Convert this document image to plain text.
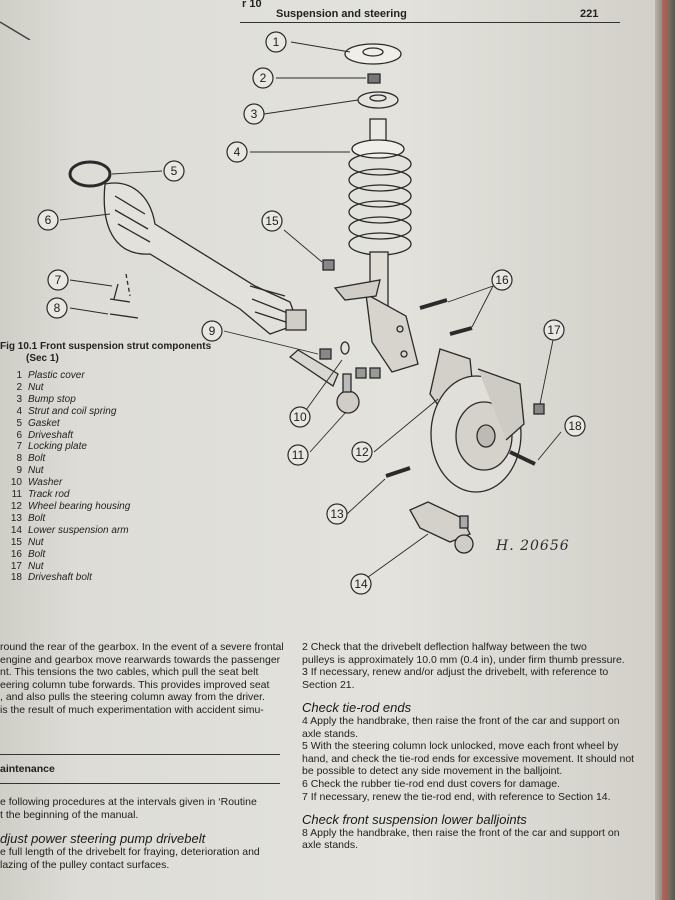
r 10
Suspension and steering	221
1
2
3
4
5
6
7
8
9
10
11	12
13
14
15
16
17
18
Fig 10.1 Front suspension strut components
(Sec 1)
1 Plastic cover
2 Nut
3 Bump stop
4 Strut and coil spring
5 Gasket
6 Driveshaft
7 Locking plate
8 Bolt
9 Nut
10 Washer
11 Track rod
12 Wheel bearing housing
13 Bolt
14 Lower suspension arm
15 Nut
16 Bolt
17 Nut
18 Driveshaft bolt
H. 20656
round the rear of the gearbox. In the event of a severe frontal
engine and gearbox move rearwards towards the passenger
nt. This tensions the two cables, which pull the seat belt
eering column tube forwards. This provides improved seat
, and also pulls the steering column away from the driver.
is the result of much experimentation with accident simu-
aintenance
e following procedures at the intervals given in ‘Routine
t the beginning of the manual.
djust power steering pump drivebelt
e full length of the drivebelt for fraying, deterioration and
lazing of the pulley contact surfaces.
2 Check that the drivebelt deflection halfway between the two
pulleys is approximately 10.0 mm (0.4 in), under firm thumb pressure.
3 If necessary, renew and/or adjust the drivebelt, with reference to
Section 21.
Check tie-rod ends
4 Apply the handbrake, then raise the front of the car and support on
axle stands.
5 With the steering column lock unlocked, move each front wheel by
hand, and check the tie-rod ends for excessive movement. It should not
be possible to detect any side movement in the balljoint.
6 Check the rubber tie-rod end dust covers for damage.
7 If necessary, renew the tie-rod end, with reference to Section 14.
Check front suspension lower balljoints
8 Apply the handbrake, then raise the front of the car and support on
axle stands.
